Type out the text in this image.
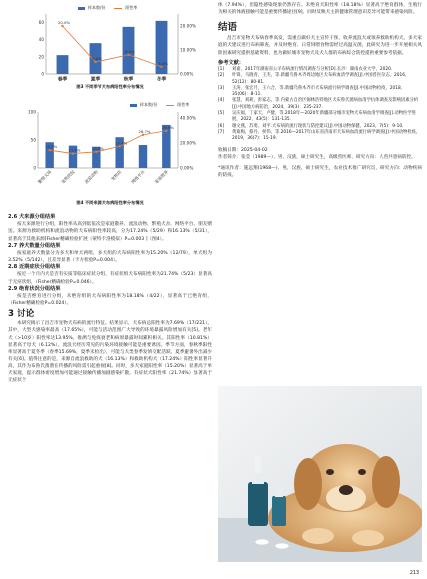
样本数/份	阳性率
0
20
40
60
0.00%
10.00%
20.00%
春季	夏季	秋季	冬季
20.0%
5.0%
8.0%
3.0%

图3 不同季节犬布病阳性率分布情况

样本数/份	阳性率
0
50
100
0.00%
20.00%
40.00%
繁殖犬场 宠物医院	流浪动物	宠物店	网络平台	家庭散养
14.3%
11.6%	13.0%
17.4%
26.7%
29.9%

图4 不同来源犬布病阳性率分布情况

2.6 犬来源分组结果

按犬来源进行分组，阳性率从高到低依次是家庭散养、流浪动物、繁殖犬舍、网络平台、朋友赠送。来源为救助机构和流浪动物的犬布病阳性率较高，分为17.24%（5/29）和16.13%（5/31），显著高于其他来源[Fisher精确检验扩展（蒙特卡洛模拟）P=0.003 ]（图4）。

2.7 养犬数量分组结果

按家庭养犬数量分为多犬和单犬两组，多犬组的犬布病阳性率为15.20%（12/79），单犬组为3.52%（5/142），且差异显著（卡方检验P=0.004）。

2.8 近期症状分组结果

按近一个月内犬是否有实质等临床症状分组，有症状组犬布病阳性率为21.74%（5/23）显著高于无症状组，（Fisher精确检验P=0.046）。

2.9 绝育状况分组结果

按是否绝育进行分组，未绝育组的犬布病阳性率为18.18%（4/22），显著高于已绝育组，（Fisher精确检验P=0.024）。

3 讨论

本研究揭示了昌吉市宠物犬布病的流行特征。结果显示，犬布病总阳性率为7.69%（17/221），其中，大型犬感染率最高（17.65%），可能与活动范围广大导致的环境暴露风险增加有关[5]。老年犬（>10岁）阳性率达13.95%，推测与免疫衰老和病原暴露时间累积相关。其阳性率（10.81%）显著高于母犬（6.12%），流浪犬经历常见的污染环境接触可能是重要诱因。季节方面，春秋季阳性率显著高于夏冬季（春季15.69%，夏季未检出），可能与犬类春季发情交配活跃、夏季避暑外出减少有关[6]。值得注意的是，来源自流浪救助的犬（16.13%）和救助机构犬（17.24%）阳性率显著升高，其作为布鲁氏菌潜在传播的风险需引起重视[8]。同时，多犬家庭阳性率（15.20%）显著高于单犬家庭，提示群体密度增加可能通过接触传播加剧感染扩散。有症状犬阳性率（21.74%）显著高于无症状个

体（7.94%），但隐性感染现象仍然存在。未绝育犬阳性率（18.18%）显著高于绝育群体，生殖行为相关的体液接触可能是重要传播途径[9]。同时反映犬主的健康管理意识差异可能带来感染风险。

结语

昌吉市宠物犬布病春季高发，需重点做好犬主宣传干预，收养流浪犬或领养救助机构犬、多犬家庭的犬建议进行布病筛查，并及时绝育，日常饲喂食物需经过高温灭菌，此研究为进一步开展相关风险因素研究提供基础资料，也为做好城市宠物犬及犬人群的布病综合防控提供重要参考依据。

参考文献：

[1]	刘嘉，2017年湖南省公羊布病流行情况调查与分析[D].长沙：湖南农业大学，2020.
[2]	叶锋，马晓青，王杰，等.新疆乌鲁木齐周边地区犬布病血清学调查[J].中国兽医杂志，2016，52(12)：80-81.
[3]	王涛，张宏月，王六合，等.新疆乌鲁木齐市犬布病流行病学调查[J].中国动物检疫，2018，35(06)：8-11.
[4]	张慧，刘莉，彭家志，等.内蒙古自治区锡林浩特地区犬布鲁氏菌病血清学抗体调查及影响因素分析[J].中国地方病防治，2024，39(3)：235-237.
[5]	吴庆福，丁家天，卢健，等.2018年—2020年新疆部分城市宠物犬布病血清学调查[J].动物医学进展，2022，43(5)：131-135.
[6]	谢文燕，苏勇，刘平.犬布病的流行现状与防控建议[J].中国动物保健，2023，7(5)：9-10.
[7]	黄迪梅，蔡丹，侯伟，等.2016—2017年山东省济南市犬布病血清流行病学调查[J].中国动物检疫，2019，36(7)：15-19.

收稿日期：2025-04-02

作者简介：张莹（1989—），男，汉族，硕士研究生，高级兽医师，研究方向：人兽共患病防控。

*通讯作者：施远翔(1968—)，男，汉族，硕士研究生，农业技术推广研究员，研究方向：动物疾病的防疫。

213
